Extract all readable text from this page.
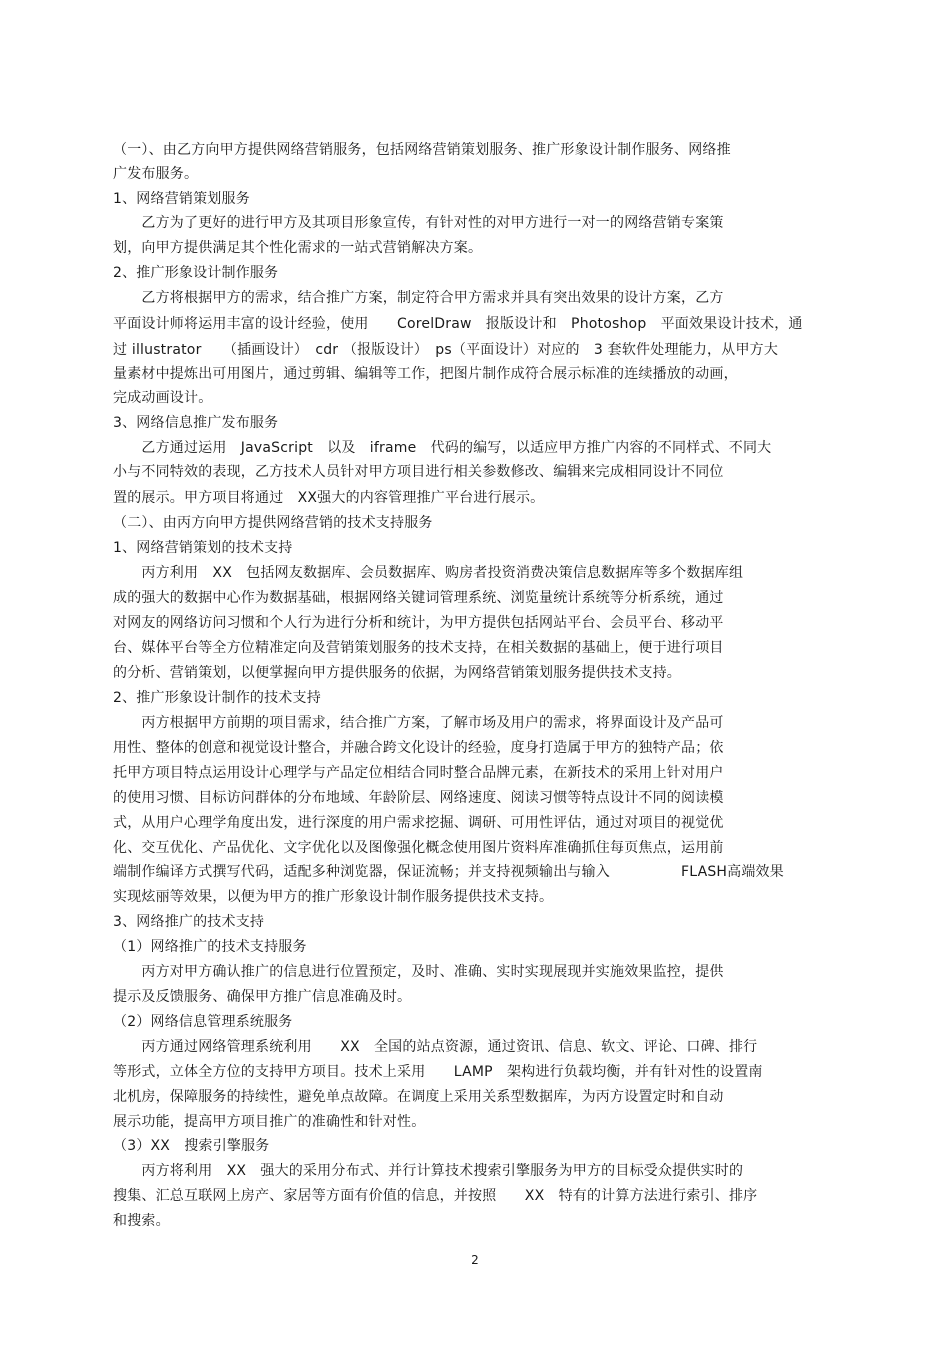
（一）、由乙方向甲方提供网络营销服务，包括网络营销策划服务、推广形象设计制作服务、网络推
广发布服务。
1、网络营销策划服务
　　乙方为了更好的进行甲方及其项目形象宣传，有针对性的对甲方进行一对一的网络营销专案策
划，向甲方提供满足其个性化需求的一站式营销解决方案。
2、推广形象设计制作服务
　　乙方将根据甲方的需求，结合推广方案，制定符合甲方需求并具有突出效果的设计方案，乙方
平面设计师将运用丰富的设计经验，使用　　CorelDraw　报版设计和　Photoshop　平面效果设计技术，通
过 illustrator　　（插画设计）　cdr （报版设计）　ps（平面设计）对应的　3 套软件处理能力，从甲方大
量素材中提炼出可用图片，通过剪辑、编辑等工作，把图片制作成符合展示标准的连续播放的动画，
完成动画设计。
3、网络信息推广发布服务
　　乙方通过运用　JavaScript　以及　iframe　代码的编写，以适应甲方推广内容的不同样式、不同大
小与不同特效的表现，乙方技术人员针对甲方项目进行相关参数修改、编辑来完成相同设计不同位
置的展示。甲方项目将通过　XX强大的内容管理推广平台进行展示。
（二）、由丙方向甲方提供网络营销的技术支持服务
1、网络营销策划的技术支持
　　丙方利用　XX　包括网友数据库、会员数据库、购房者投资消费决策信息数据库等多个数据库组
成的强大的数据中心作为数据基础，根据网络关键词管理系统、浏览量统计系统等分析系统，通过
对网友的网络访问习惯和个人行为进行分析和统计，为甲方提供包括网站平台、会员平台、移动平
台、媒体平台等全方位精准定向及营销策划服务的技术支持，在相关数据的基础上，便于进行项目
的分析、营销策划，以便掌握向甲方提供服务的依据，为网络营销策划服务提供技术支持。
2、推广形象设计制作的技术支持
　　丙方根据甲方前期的项目需求，结合推广方案，了解市场及用户的需求，将界面设计及产品可
用性、整体的创意和视觉设计整合，并融合跨文化设计的经验，度身打造属于甲方的独特产品；依
托甲方项目特点运用设计心理学与产品定位相结合同时整合品牌元素，在新技术的采用上针对用户
的使用习惯、目标访问群体的分布地域、年龄阶层、网络速度、阅读习惯等特点设计不同的阅读模
式，从用户心理学角度出发，进行深度的用户需求挖掘、调研、可用性评估，通过对项目的视觉优
化、交互优化、产品优化、文字优化以及图像强化概念使用图片资料库准确抓住每页焦点，运用前
端制作编译方式撰写代码，适配多种浏览器，保证流畅；并支持视频输出与输入　　　　　FLASH高端效果
实现炫丽等效果，以便为甲方的推广形象设计制作服务提供技术支持。
3、网络推广的技术支持
（1）网络推广的技术支持服务
　　丙方对甲方确认推广的信息进行位置预定，及时、准确、实时实现展现并实施效果监控，提供
提示及反馈服务、确保甲方推广信息准确及时。
（2）网络信息管理系统服务
　　丙方通过网络管理系统利用　　XX　全国的站点资源，通过资讯、信息、软文、评论、口碑、排行
等形式，立体全方位的支持甲方项目。技术上采用　　LAMP　架构进行负载均衡，并有针对性的设置南
北机房，保障服务的持续性，避免单点故障。在调度上采用关系型数据库，为丙方设置定时和自动
展示功能，提高甲方项目推广的准确性和针对性。
（3）XX　搜索引擎服务
　　丙方将利用　XX　强大的采用分布式、并行计算技术搜索引擎服务为甲方的目标受众提供实时的
搜集、汇总互联网上房产、家居等方面有价值的信息，并按照　　XX　特有的计算方法进行索引、排序
和搜索。
2
